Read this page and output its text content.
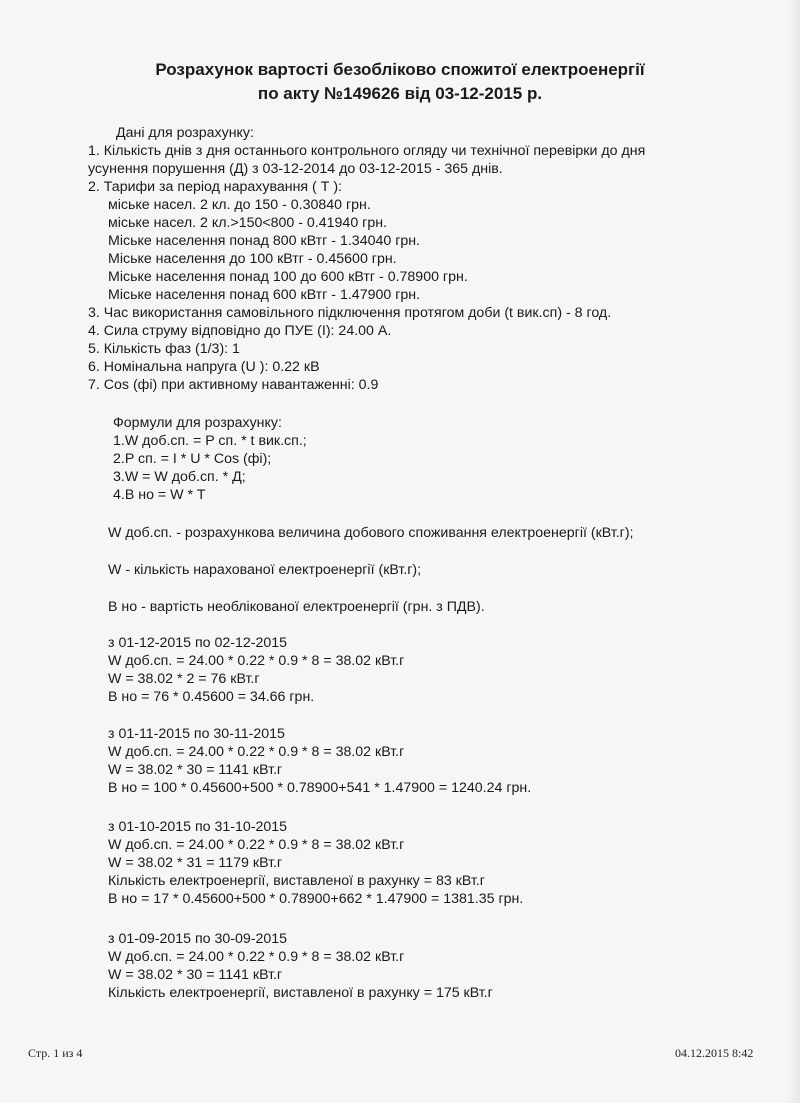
Розрахунок вартості безобліково спожитої електроенергії
по акту №149626 від 03-12-2015 р.
Дані для розрахунку:
1. Кількість днів з дня останнього контрольного огляду чи технічної перевірки до дня
усунення порушення (Д) з 03-12-2014 до 03-12-2015 - 365 днів.
2. Тарифи за період нарахування ( Т ):
міське насел. 2 кл. до 150 - 0.30840 грн.
міське насел. 2 кл.>150<800 - 0.41940 грн.
Міське населення понад 800 кВтг - 1.34040 грн.
Міське населення до 100 кВтг - 0.45600 грн.
Міське населення понад 100 до 600 кВтг - 0.78900 грн.
Міське населення понад 600 кВтг - 1.47900 грн.
3. Час використання самовільного підключення протягом доби (t вик.сп) - 8 год.
4. Сила струму відповідно до ПУЕ (I): 24.00 А.
5. Кількість фаз (1/3): 1
6. Номінальна напруга (U ): 0.22 кВ
7. Cos (фі) при активному навантаженні: 0.9
Формули для розрахунку:
1.W доб.сп. = P сп. * t вик.сп.;
2.P сп. = I * U * Cos (фі);
3.W = W доб.сп. * Д;
4.В но = W * Т
W доб.сп. - розрахункова величина добового споживання електроенергії (кВт.г);
W - кількість нарахованої електроенергії (кВт.г);
В но - вартість необлікованої електроенергії (грн. з ПДВ).
з 01-12-2015 по 02-12-2015
W доб.сп. = 24.00 * 0.22 * 0.9 * 8 = 38.02 кВт.г
W = 38.02 * 2 = 76 кВт.г
В но = 76 * 0.45600 = 34.66 грн.
з 01-11-2015 по 30-11-2015
W доб.сп. = 24.00 * 0.22 * 0.9 * 8 = 38.02 кВт.г
W = 38.02 * 30 = 1141 кВт.г
В но = 100 * 0.45600+500 * 0.78900+541 * 1.47900 = 1240.24 грн.
з 01-10-2015 по 31-10-2015
W доб.сп. = 24.00 * 0.22 * 0.9 * 8 = 38.02 кВт.г
W = 38.02 * 31 = 1179 кВт.г
Кількість електроенергії, виставленої в рахунку = 83 кВт.г
В но = 17 * 0.45600+500 * 0.78900+662 * 1.47900 = 1381.35 грн.
з 01-09-2015 по 30-09-2015
W доб.сп. = 24.00 * 0.22 * 0.9 * 8 = 38.02 кВт.г
W = 38.02 * 30 = 1141 кВт.г
Кількість електроенергії, виставленої в рахунку = 175 кВт.г
Стр. 1 из 4	04.12.2015 8:42
